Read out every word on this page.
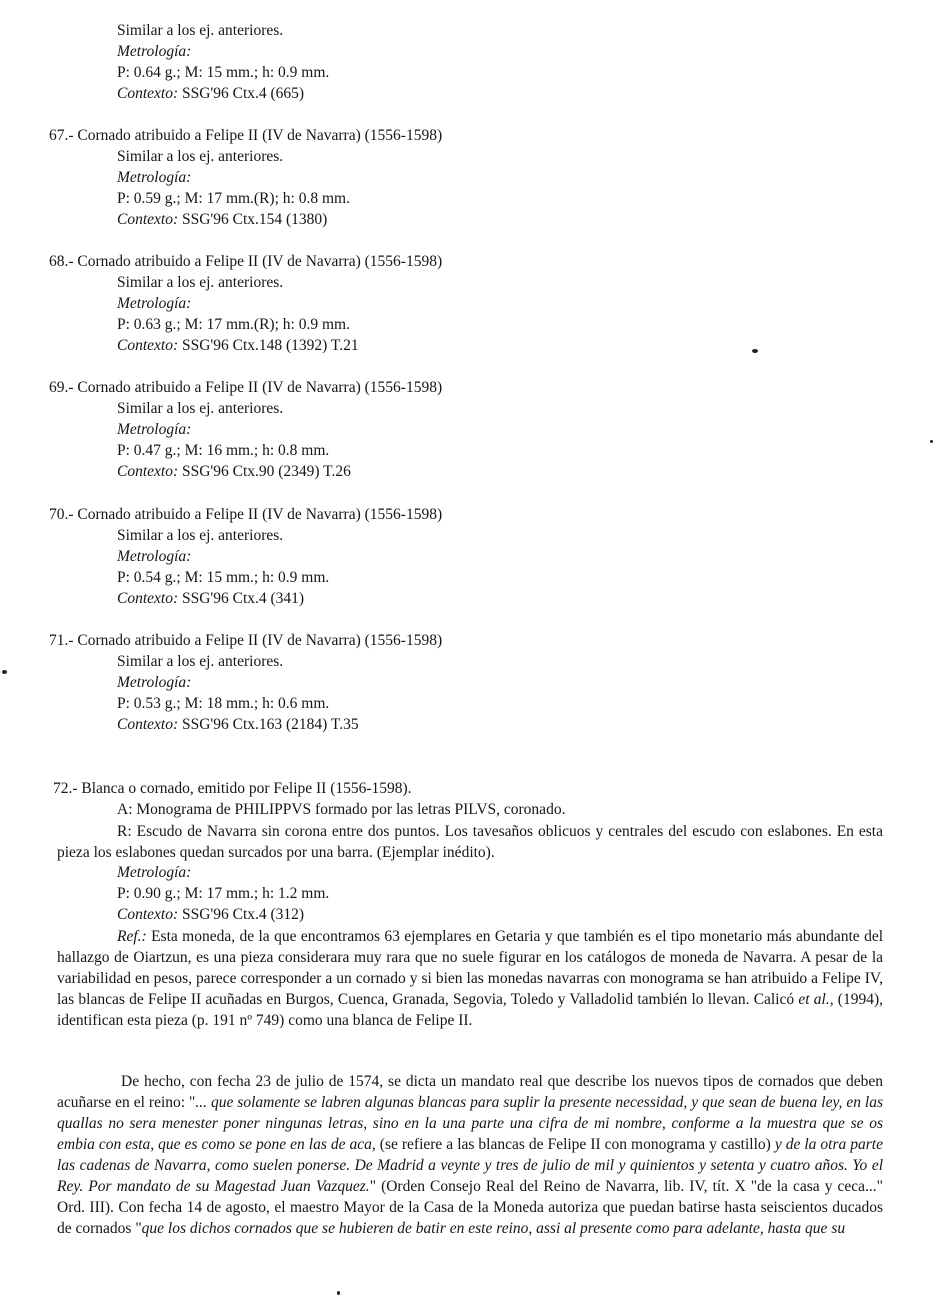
Similar a los ej. anteriores.
Metrología:
P: 0.64 g.; M: 15 mm.; h: 0.9 mm.
Contexto: SSG'96 Ctx.4 (665)
67.- Cornado atribuido a Felipe II (IV de Navarra) (1556-1598)
Similar a los ej. anteriores.
Metrología:
P: 0.59 g.; M: 17 mm.(R); h: 0.8 mm.
Contexto: SSG'96 Ctx.154 (1380)
68.- Cornado atribuido a Felipe II (IV de Navarra) (1556-1598)
Similar a los ej. anteriores.
Metrología:
P: 0.63 g.; M: 17 mm.(R); h: 0.9 mm.
Contexto: SSG'96 Ctx.148 (1392) T.21
69.- Cornado atribuido a Felipe II (IV de Navarra) (1556-1598)
Similar a los ej. anteriores.
Metrología:
P: 0.47 g.; M: 16 mm.; h: 0.8 mm.
Contexto: SSG'96 Ctx.90 (2349) T.26
70.- Cornado atribuido a Felipe II (IV de Navarra) (1556-1598)
Similar a los ej. anteriores.
Metrología:
P: 0.54 g.; M: 15 mm.; h: 0.9 mm.
Contexto: SSG'96 Ctx.4 (341)
71.- Cornado atribuido a Felipe II (IV de Navarra) (1556-1598)
Similar a los ej. anteriores.
Metrología:
P: 0.53 g.; M: 18 mm.; h: 0.6 mm.
Contexto: SSG'96 Ctx.163 (2184) T.35
72.- Blanca o cornado, emitido por Felipe II (1556-1598).
A: Monograma de PHILIPPVS formado por las letras PILVS, coronado.
R: Escudo de Navarra sin corona entre dos puntos. Los tavesaños oblicuos y centrales del escudo con eslabones. En esta pieza los eslabones quedan surcados por una barra. (Ejemplar inédito).
Metrología:
P: 0.90 g.; M: 17 mm.; h: 1.2 mm.
Contexto: SSG'96 Ctx.4 (312)

Ref.: Esta moneda, de la que encontramos 63 ejemplares en Getaria y que también es el tipo monetario más abundante del hallazgo de Oiartzun, es una pieza considerara muy rara que no suele figurar en los catálogos de moneda de Navarra. A pesar de la variabilidad en pesos, parece corresponder a un cornado y si bien las monedas navarras con monograma se han atribuido a Felipe IV, las blancas de Felipe II acuñadas en Burgos, Cuenca, Granada, Segovia, Toledo y Valladolid también lo llevan. Calicó et al., (1994), identifican esta pieza (p. 191 nº 749) como una blanca de Felipe II.

De hecho, con fecha 23 de julio de 1574, se dicta un mandato real que describe los nuevos tipos de cornados que deben acuñarse en el reino: "... que solamente se labren algunas blancas para suplir la presente necessidad, y que sean de buena ley, en las quallas no sera menester poner ningunas letras, sino en la una parte una cifra de mi nombre, conforme a la muestra que se os embia con esta, que es como se pone en las de aca, (se refiere a las blancas de Felipe II con monograma y castillo) y de la otra parte las cadenas de Navarra, como suelen ponerse. De Madrid a veynte y tres de julio de mil y quinientos y setenta y cuatro años. Yo el Rey. Por mandato de su Magestad Juan Vazquez." (Orden Consejo Real del Reino de Navarra, lib. IV, tít. X "de la casa y ceca..." Ord. III). Con fecha 14 de agosto, el maestro Mayor de la Casa de la Moneda autoriza que puedan batirse hasta seiscientos ducados de cornados "que los dichos cornados que se hubieren de batir en este reino, assi al presente como para adelante, hasta que su
